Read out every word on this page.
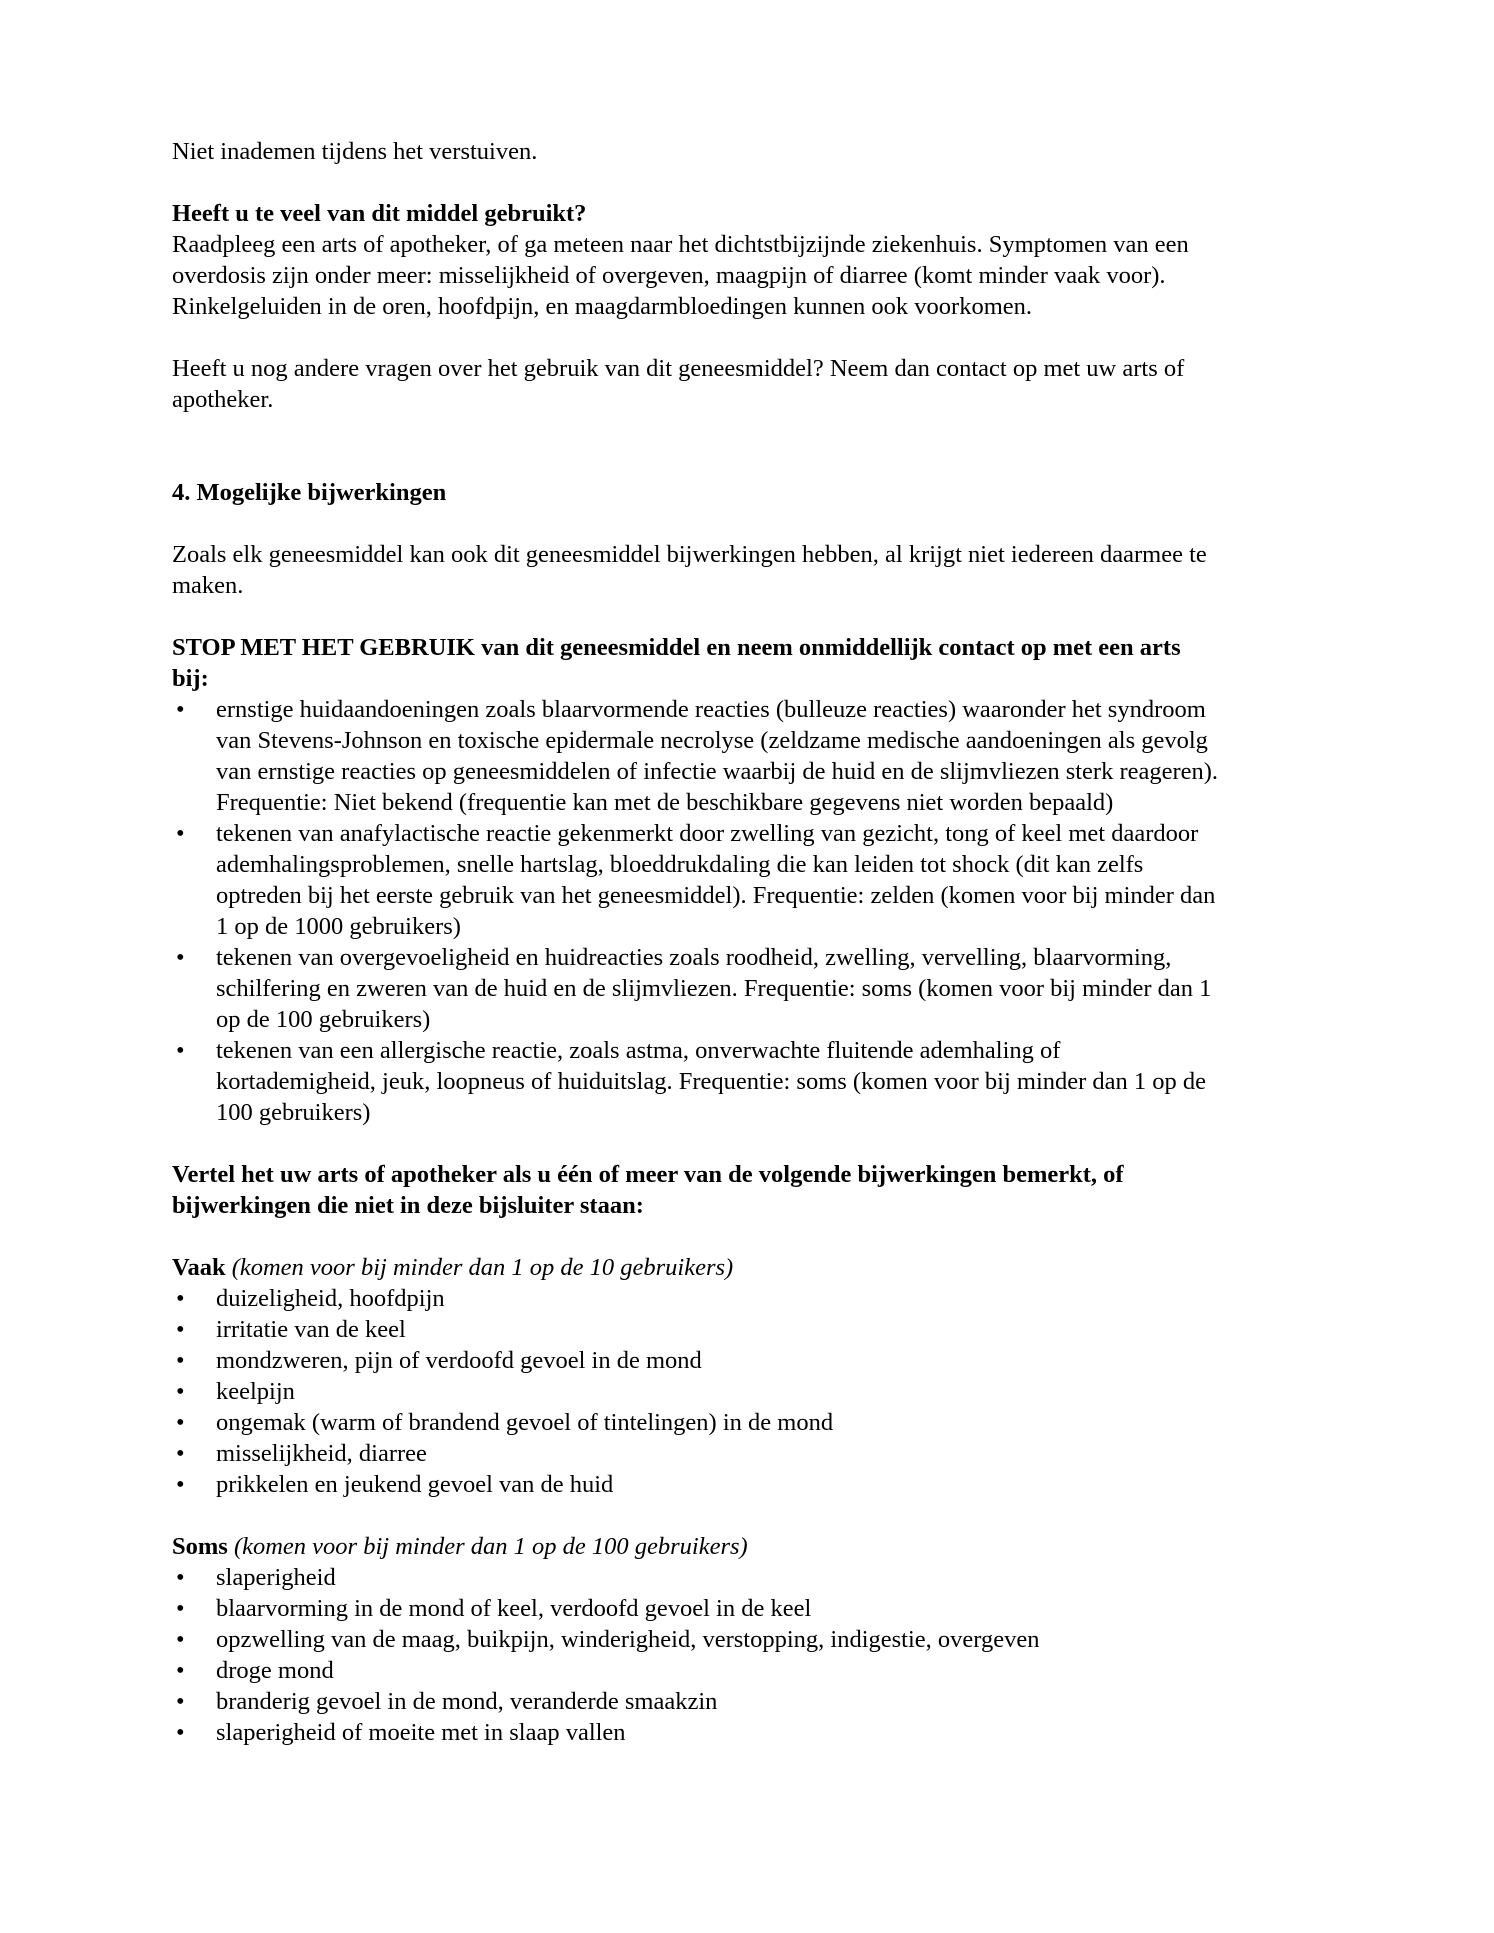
Niet inademen tijdens het verstuiven.

Heeft u te veel van dit middel gebruikt?

Raadpleeg een arts of apotheker, of ga meteen naar het dichtstbijzijnde ziekenhuis. Symptomen van een

overdosis zijn onder meer: misselijkheid of overgeven, maagpijn of diarree (komt minder vaak voor).

Rinkelgeluiden in de oren, hoofdpijn, en maagdarmbloedingen kunnen ook voorkomen.

Heeft u nog andere vragen over het gebruik van dit geneesmiddel? Neem dan contact op met uw arts of

apotheker.

4. Mogelijke bijwerkingen

Zoals elk geneesmiddel kan ook dit geneesmiddel bijwerkingen hebben, al krijgt niet iedereen daarmee te

maken.

STOP MET HET GEBRUIK van dit geneesmiddel en neem onmiddellijk contact op met een arts

bij:

•	ernstige huidaandoeningen zoals blaarvormende reacties (bulleuze reacties) waaronder het syndroom
van Stevens-Johnson en toxische epidermale necrolyse (zeldzame medische aandoeningen als gevolg
van ernstige reacties op geneesmiddelen of infectie waarbij de huid en de slijmvliezen sterk reageren).
Frequentie: Niet bekend (frequentie kan met de beschikbare gegevens niet worden bepaald)
•	tekenen van anafylactische reactie gekenmerkt door zwelling van gezicht, tong of keel met daardoor
ademhalingsproblemen, snelle hartslag, bloeddrukdaling die kan leiden tot shock (dit kan zelfs
optreden bij het eerste gebruik van het geneesmiddel). Frequentie: zelden (komen voor bij minder dan
1 op de 1000 gebruikers)
•	tekenen van overgevoeligheid en huidreacties zoals roodheid, zwelling, vervelling, blaarvorming,
schilfering en zweren van de huid en de slijmvliezen. Frequentie: soms (komen voor bij minder dan 1
op de 100 gebruikers)
•	tekenen van een allergische reactie, zoals astma, onverwachte fluitende ademhaling of
kortademigheid, jeuk, loopneus of huiduitslag. Frequentie: soms (komen voor bij minder dan 1 op de
100 gebruikers)

Vertel het uw arts of apotheker als u één of meer van de volgende bijwerkingen bemerkt, of

bijwerkingen die niet in deze bijsluiter staan:

Vaak (komen voor bij minder dan 1 op de 10 gebruikers)

•	duizeligheid, hoofdpijn
•	irritatie van de keel
•	mondzweren, pijn of verdoofd gevoel in de mond
•	keelpijn
•	ongemak (warm of brandend gevoel of tintelingen) in de mond
•	misselijkheid, diarree
•	prikkelen en jeukend gevoel van de huid

Soms (komen voor bij minder dan 1 op de 100 gebruikers)

•	slaperigheid
•	blaarvorming in de mond of keel, verdoofd gevoel in de keel
•	opzwelling van de maag, buikpijn, winderigheid, verstopping, indigestie, overgeven
•	droge mond
•	branderig gevoel in de mond, veranderde smaakzin
•	slaperigheid of moeite met in slaap vallen
